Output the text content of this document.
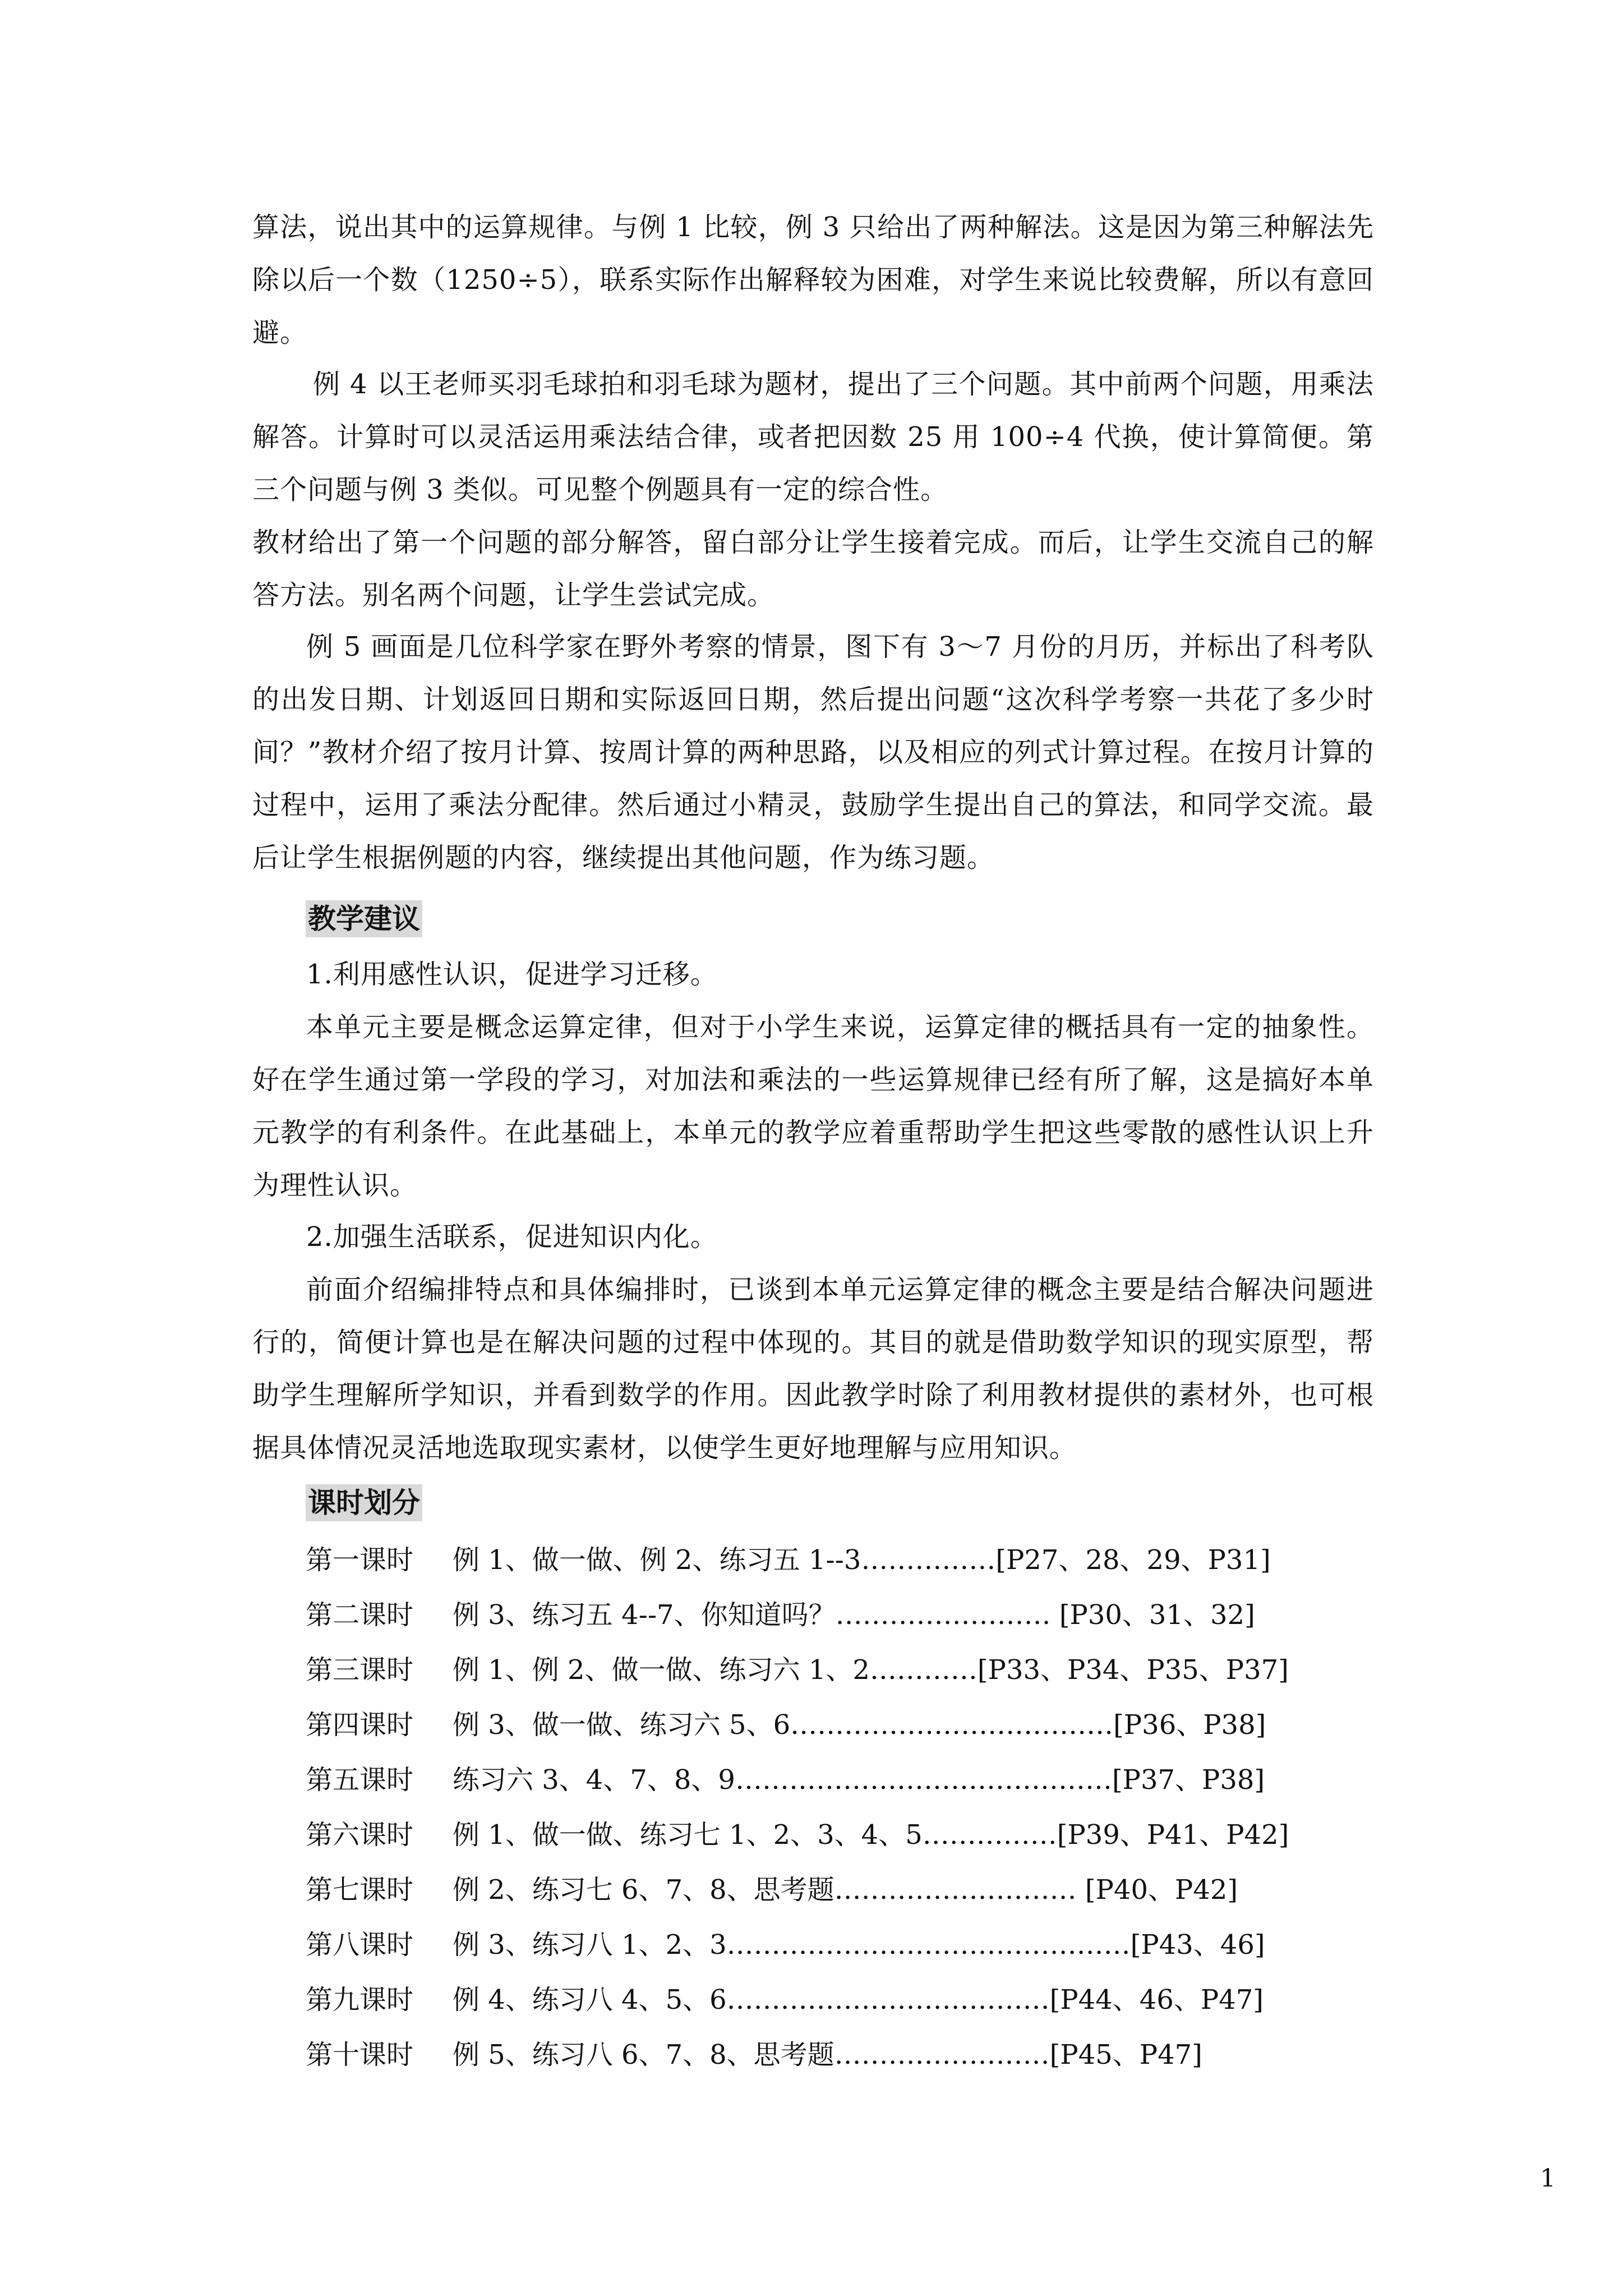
算法，说出其中的运算规律。与例 1 比较，例 3 只给出了两种解法。这是因为第三种解法先除以后一个数（1250÷5），联系实际作出解释较为困难，对学生来说比较费解，所以有意回避。

例 4 以王老师买羽毛球拍和羽毛球为题材，提出了三个问题。其中前两个问题，用乘法解答。计算时可以灵活运用乘法结合律，或者把因数 25 用 100÷4 代换，使计算简便。第三个问题与例 3 类似。可见整个例题具有一定的综合性。

教材给出了第一个问题的部分解答，留白部分让学生接着完成。而后，让学生交流自己的解答方法。别名两个问题，让学生尝试完成。

例 5 画面是几位科学家在野外考察的情景，图下有 3～7 月份的月历，并标出了科考队的出发日期、计划返回日期和实际返回日期，然后提出问题“这次科学考察一共花了多少时间？”教材介绍了按月计算、按周计算的两种思路，以及相应的列式计算过程。在按月计算的过程中，运用了乘法分配律。然后通过小精灵，鼓励学生提出自己的算法，和同学交流。最后让学生根据例题的内容，继续提出其他问题，作为练习题。

教学建议

1.利用感性认识，促进学习迁移。

本单元主要是概念运算定律，但对于小学生来说，运算定律的概括具有一定的抽象性。好在学生通过第一学段的学习，对加法和乘法的一些运算规律已经有所了解，这是搞好本单元教学的有利条件。在此基础上，本单元的教学应着重帮助学生把这些零散的感性认识上升为理性认识。

2.加强生活联系，促进知识内化。

前面介绍编排特点和具体编排时，已谈到本单元运算定律的概念主要是结合解决问题进行的，简便计算也是在解决问题的过程中体现的。其目的就是借助数学知识的现实原型，帮助学生理解所学知识，并看到数学的作用。因此教学时除了利用教材提供的素材外，也可根据具体情况灵活地选取现实素材，以使学生更好地理解与应用知识。

课时划分
第一课时 例 1、做一做、例 2、练习五 1--3……………[P27、28、29、P31]
第二课时 例 3、练习五 4--7、你知道吗？…………………… [P30、31、32]
第三课时 例 1、例 2、做一做、练习六 1、2…………[P33、P34、P35、P37]
第四课时 例 3、做一做、练习六 5、6………………………………[P36、P38]
第五课时 练习六 3、4、7、8、9……………………………………[P37、P38]
第六课时 例 1、做一做、练习七 1、2、3、4、5……………[P39、P41、P42]
第七课时 例 2、练习七 6、7、8、思考题……………………… [P40、P42]
第八课时 例 3、练习八 1、2、3………………………………………[P43、46]
第九课时 例 4、练习八 4、5、6………………………………[P44、46、P47]
第十课时 例 5、练习八 6、7、8、思考题……………………[P45、P47]
1
